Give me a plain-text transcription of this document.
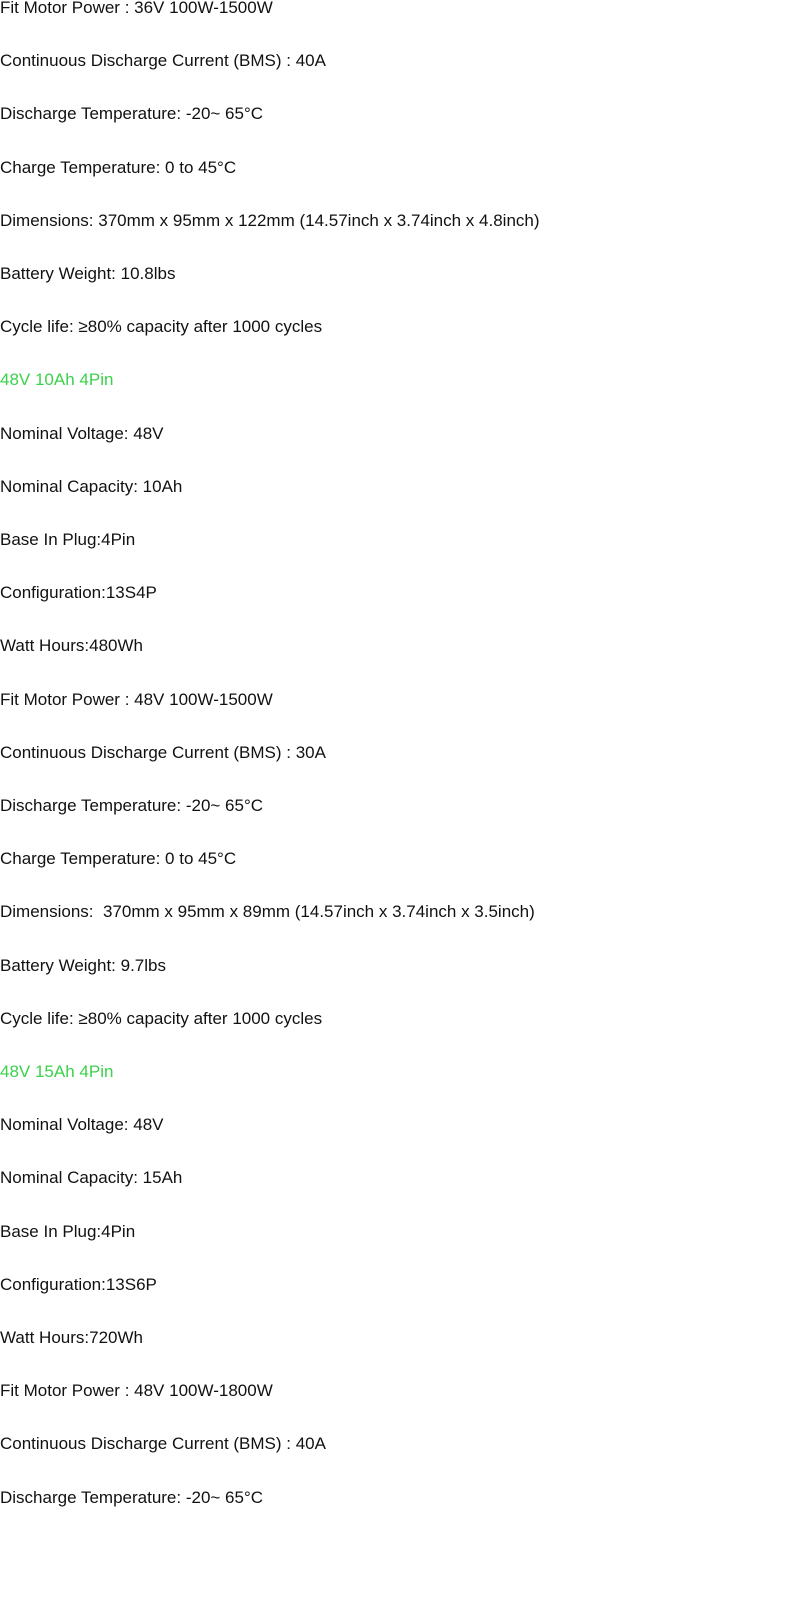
Fit Motor Power : 36V 100W-1500W
Continuous Discharge Current (BMS) : 40A
Discharge Temperature: -20~ 65°C
Charge Temperature: 0 to 45°C
Dimensions: 370mm x 95mm x 122mm (14.57inch x 3.74inch x 4.8inch)
Battery Weight: 10.8lbs
Cycle life: ≥80% capacity after 1000 cycles
48V 10Ah 4Pin
Nominal Voltage: 48V
Nominal Capacity: 10Ah
Base In Plug:4Pin
Configuration:13S4P
Watt Hours:480Wh
Fit Motor Power : 48V 100W-1500W
Continuous Discharge Current (BMS) : 30A
Discharge Temperature: -20~ 65°C
Charge Temperature: 0 to 45°C
Dimensions:  370mm x 95mm x 89mm (14.57inch x 3.74inch x 3.5inch)
Battery Weight: 9.7lbs
Cycle life: ≥80% capacity after 1000 cycles
48V 15Ah 4Pin
Nominal Voltage: 48V
Nominal Capacity: 15Ah
Base In Plug:4Pin
Configuration:13S6P
Watt Hours:720Wh
Fit Motor Power : 48V 100W-1800W
Continuous Discharge Current (BMS) : 40A
Discharge Temperature: -20~ 65°C
